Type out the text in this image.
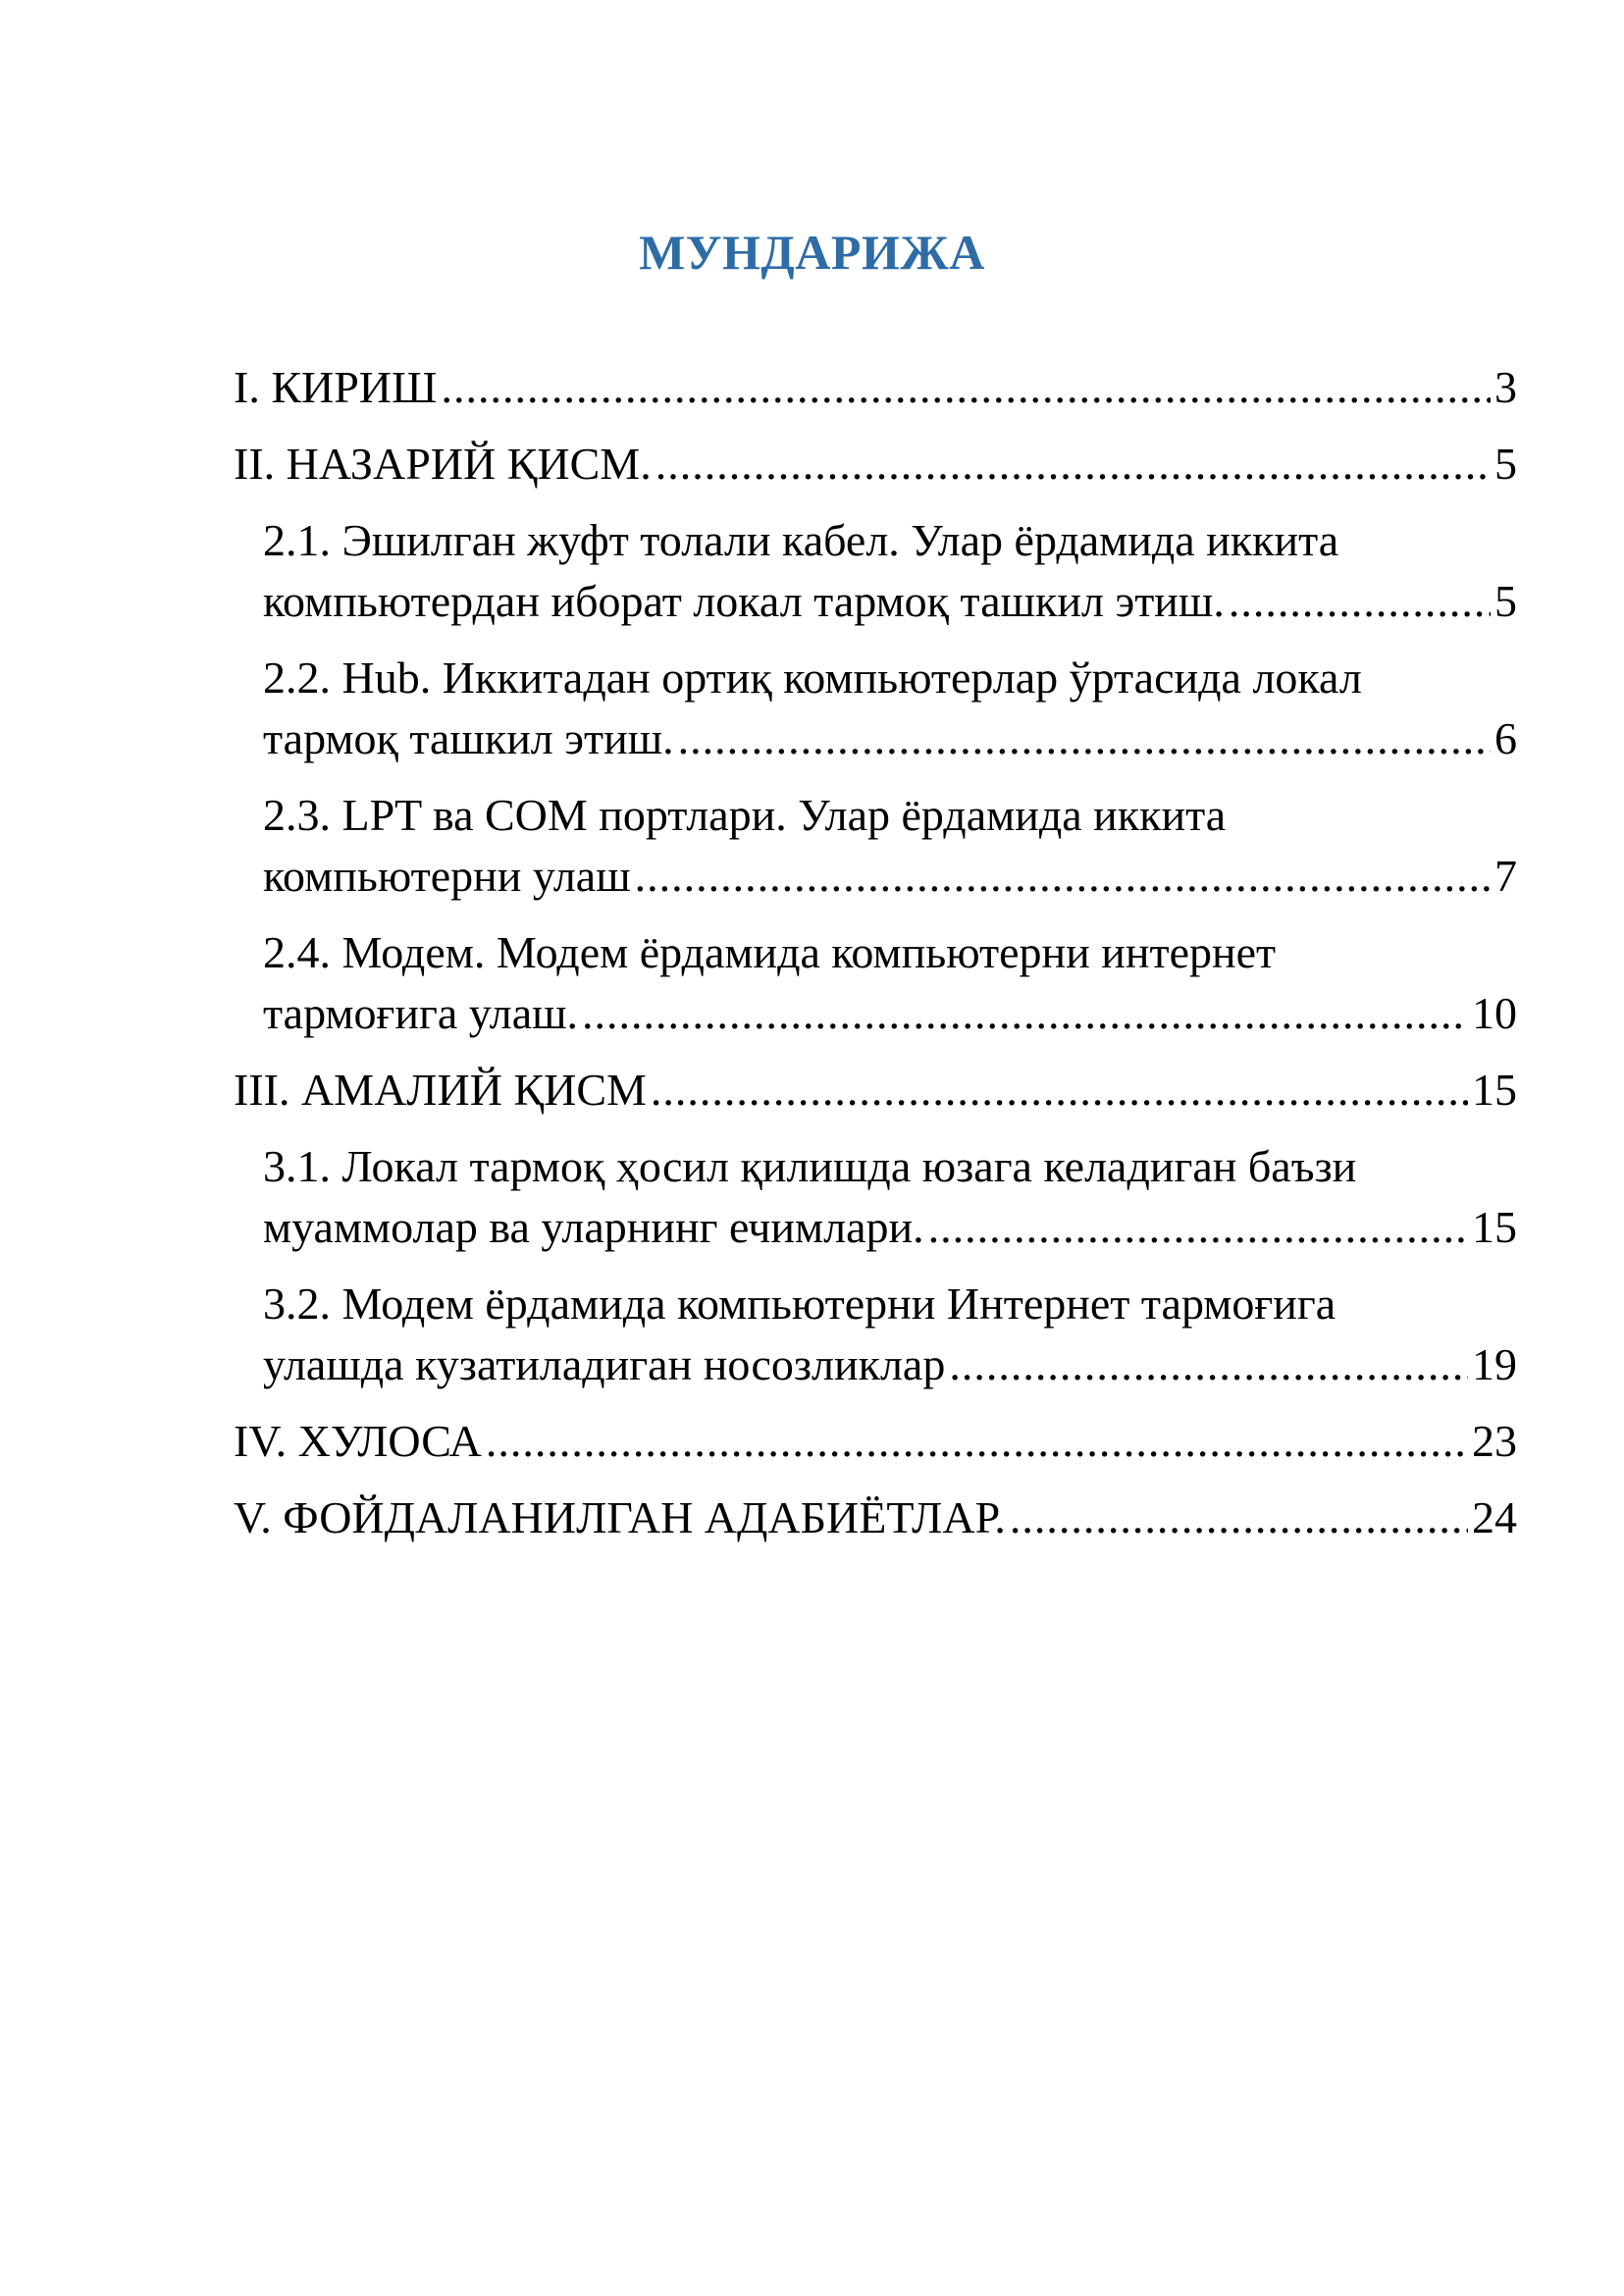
МУНДАРИЖА
I. КИРИШ .....	3
II. НАЗАРИЙ ҚИСМ. .....	5
2.1. Эшилган жуфт толали кабел. Улар ёрдамида иккита
компьютердан иборат локал тармоқ ташкил этиш. .....	5
2.2. Hub. Иккитадан ортиқ компьютерлар ўртасида локал
тармоқ ташкил этиш. .....	6
2.3. LPT ва COM портлари. Улар ёрдамида иккита
компьютерни улаш .....	7
2.4. Модем. Модем ёрдамида компьютерни интернет
тармоғига улаш. .....	10
III. АМАЛИЙ ҚИСМ .....	15
3.1. Локал тармоқ ҳосил қилишда юзага келадиган баъзи
муаммолар ва уларнинг ечимлари. .....	15
3.2. Модем ёрдамида компьютерни Интернет тармоғига
улашда кузатиладиган носозликлар .....	19
IV. ХУЛОСА .....	23
V. ФОЙДАЛАНИЛГАН АДАБИЁТЛАР. .....	24
